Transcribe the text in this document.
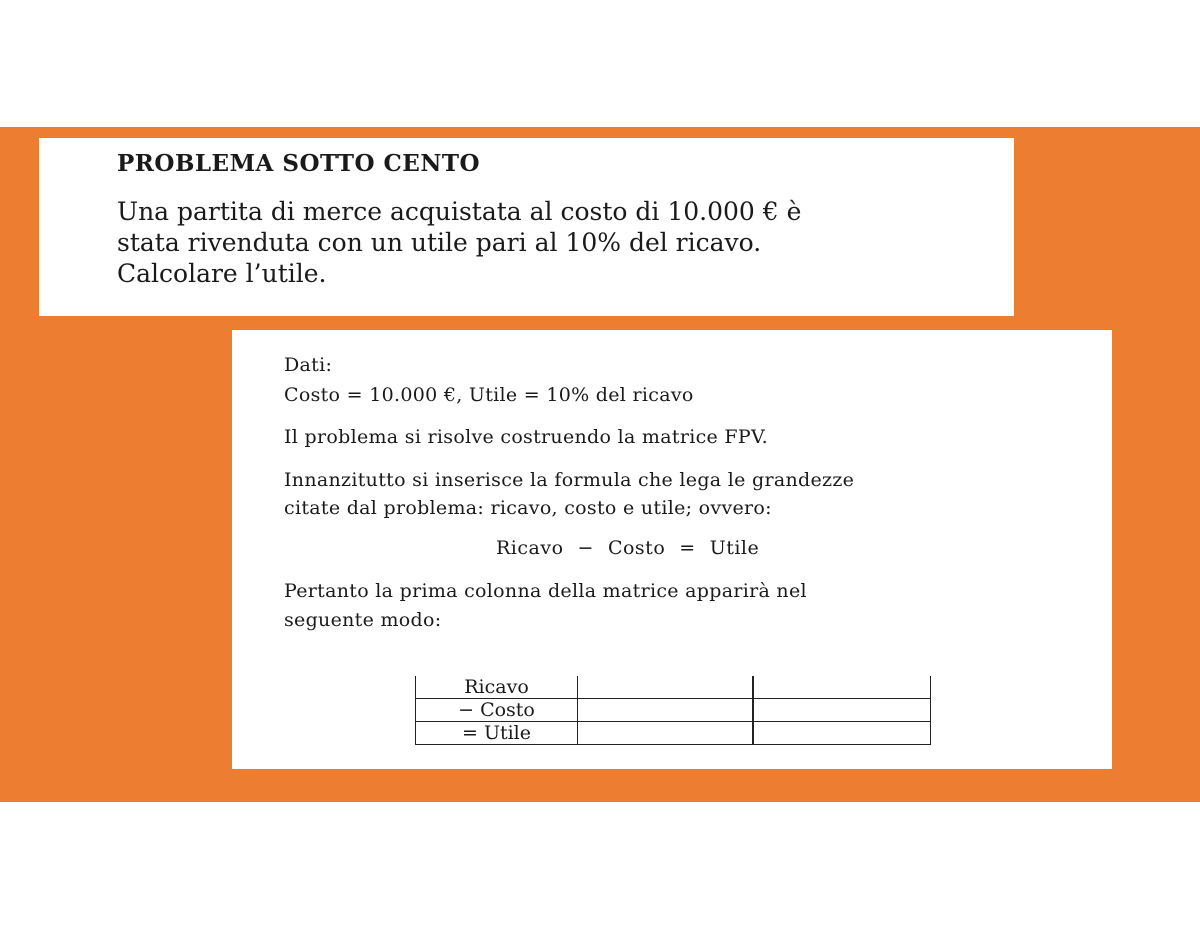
PROBLEMA SOTTO CENTO
Una partita di merce acquistata al costo di 10.000 € è
stata rivenduta con un utile pari al 10% del ricavo.
Calcolare l’utile.
Dati:
Costo = 10.000 €, Utile = 10% del ricavo
Il problema si risolve costruendo la matrice FPV.
Innanzitutto si inserisce la formula che lega le grandezze
citate dal problema: ricavo, costo e utile; ovvero:
Ricavo − Costo = Utile
Pertanto la prima colonna della matrice apparirà nel
seguente modo:
Ricavo		
− Costo		
= Utile		
